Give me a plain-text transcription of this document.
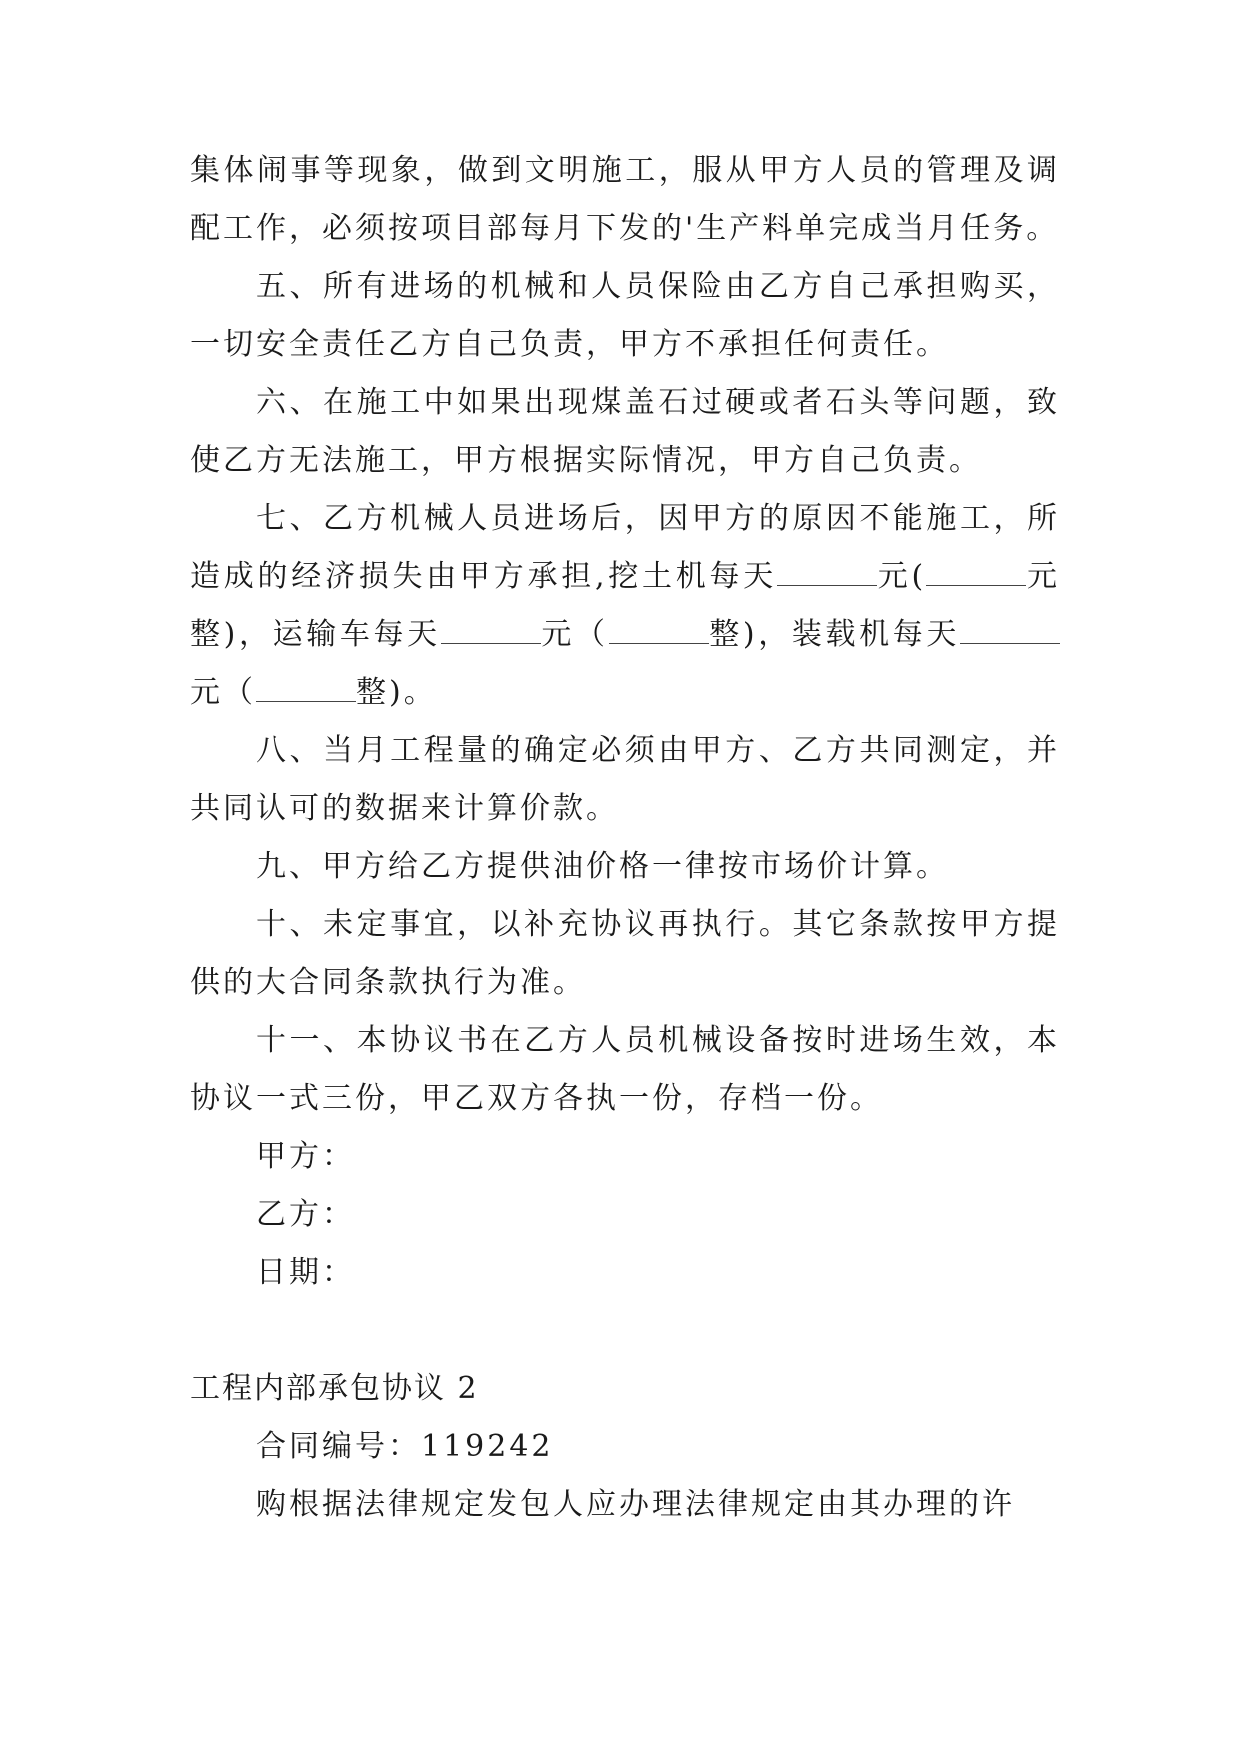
集体闹事等现象，做到文明施工，服从甲方人员的管理及调配工作，必须按项目部每月下发的'生产料单完成当月任务。

五、所有进场的机械和人员保险由乙方自己承担购买，一切安全责任乙方自己负责，甲方不承担任何责任。

六、在施工中如果出现煤盖石过硬或者石头等问题，致使乙方无法施工，甲方根据实际情况，甲方自己负责。

七、乙方机械人员进场后，因甲方的原因不能施工，所造成的经济损失由甲方承担,挖土机每天	元(	元整)，运输车每天	元（	整)，装载机每天元（	整)。

八、当月工程量的确定必须由甲方、乙方共同测定，并共同认可的数据来计算价款。

九、甲方给乙方提供油价格一律按市场价计算。

十、未定事宜，以补充协议再执行。其它条款按甲方提供的大合同条款执行为准。

十一、本协议书在乙方人员机械设备按时进场生效，本协议一式三份，甲乙双方各执一份，存档一份。

甲方：

乙方：

日期：

工程内部承包协议 2

合同编号：119242

购根据法律规定发包人应办理法律规定由其办理的许
